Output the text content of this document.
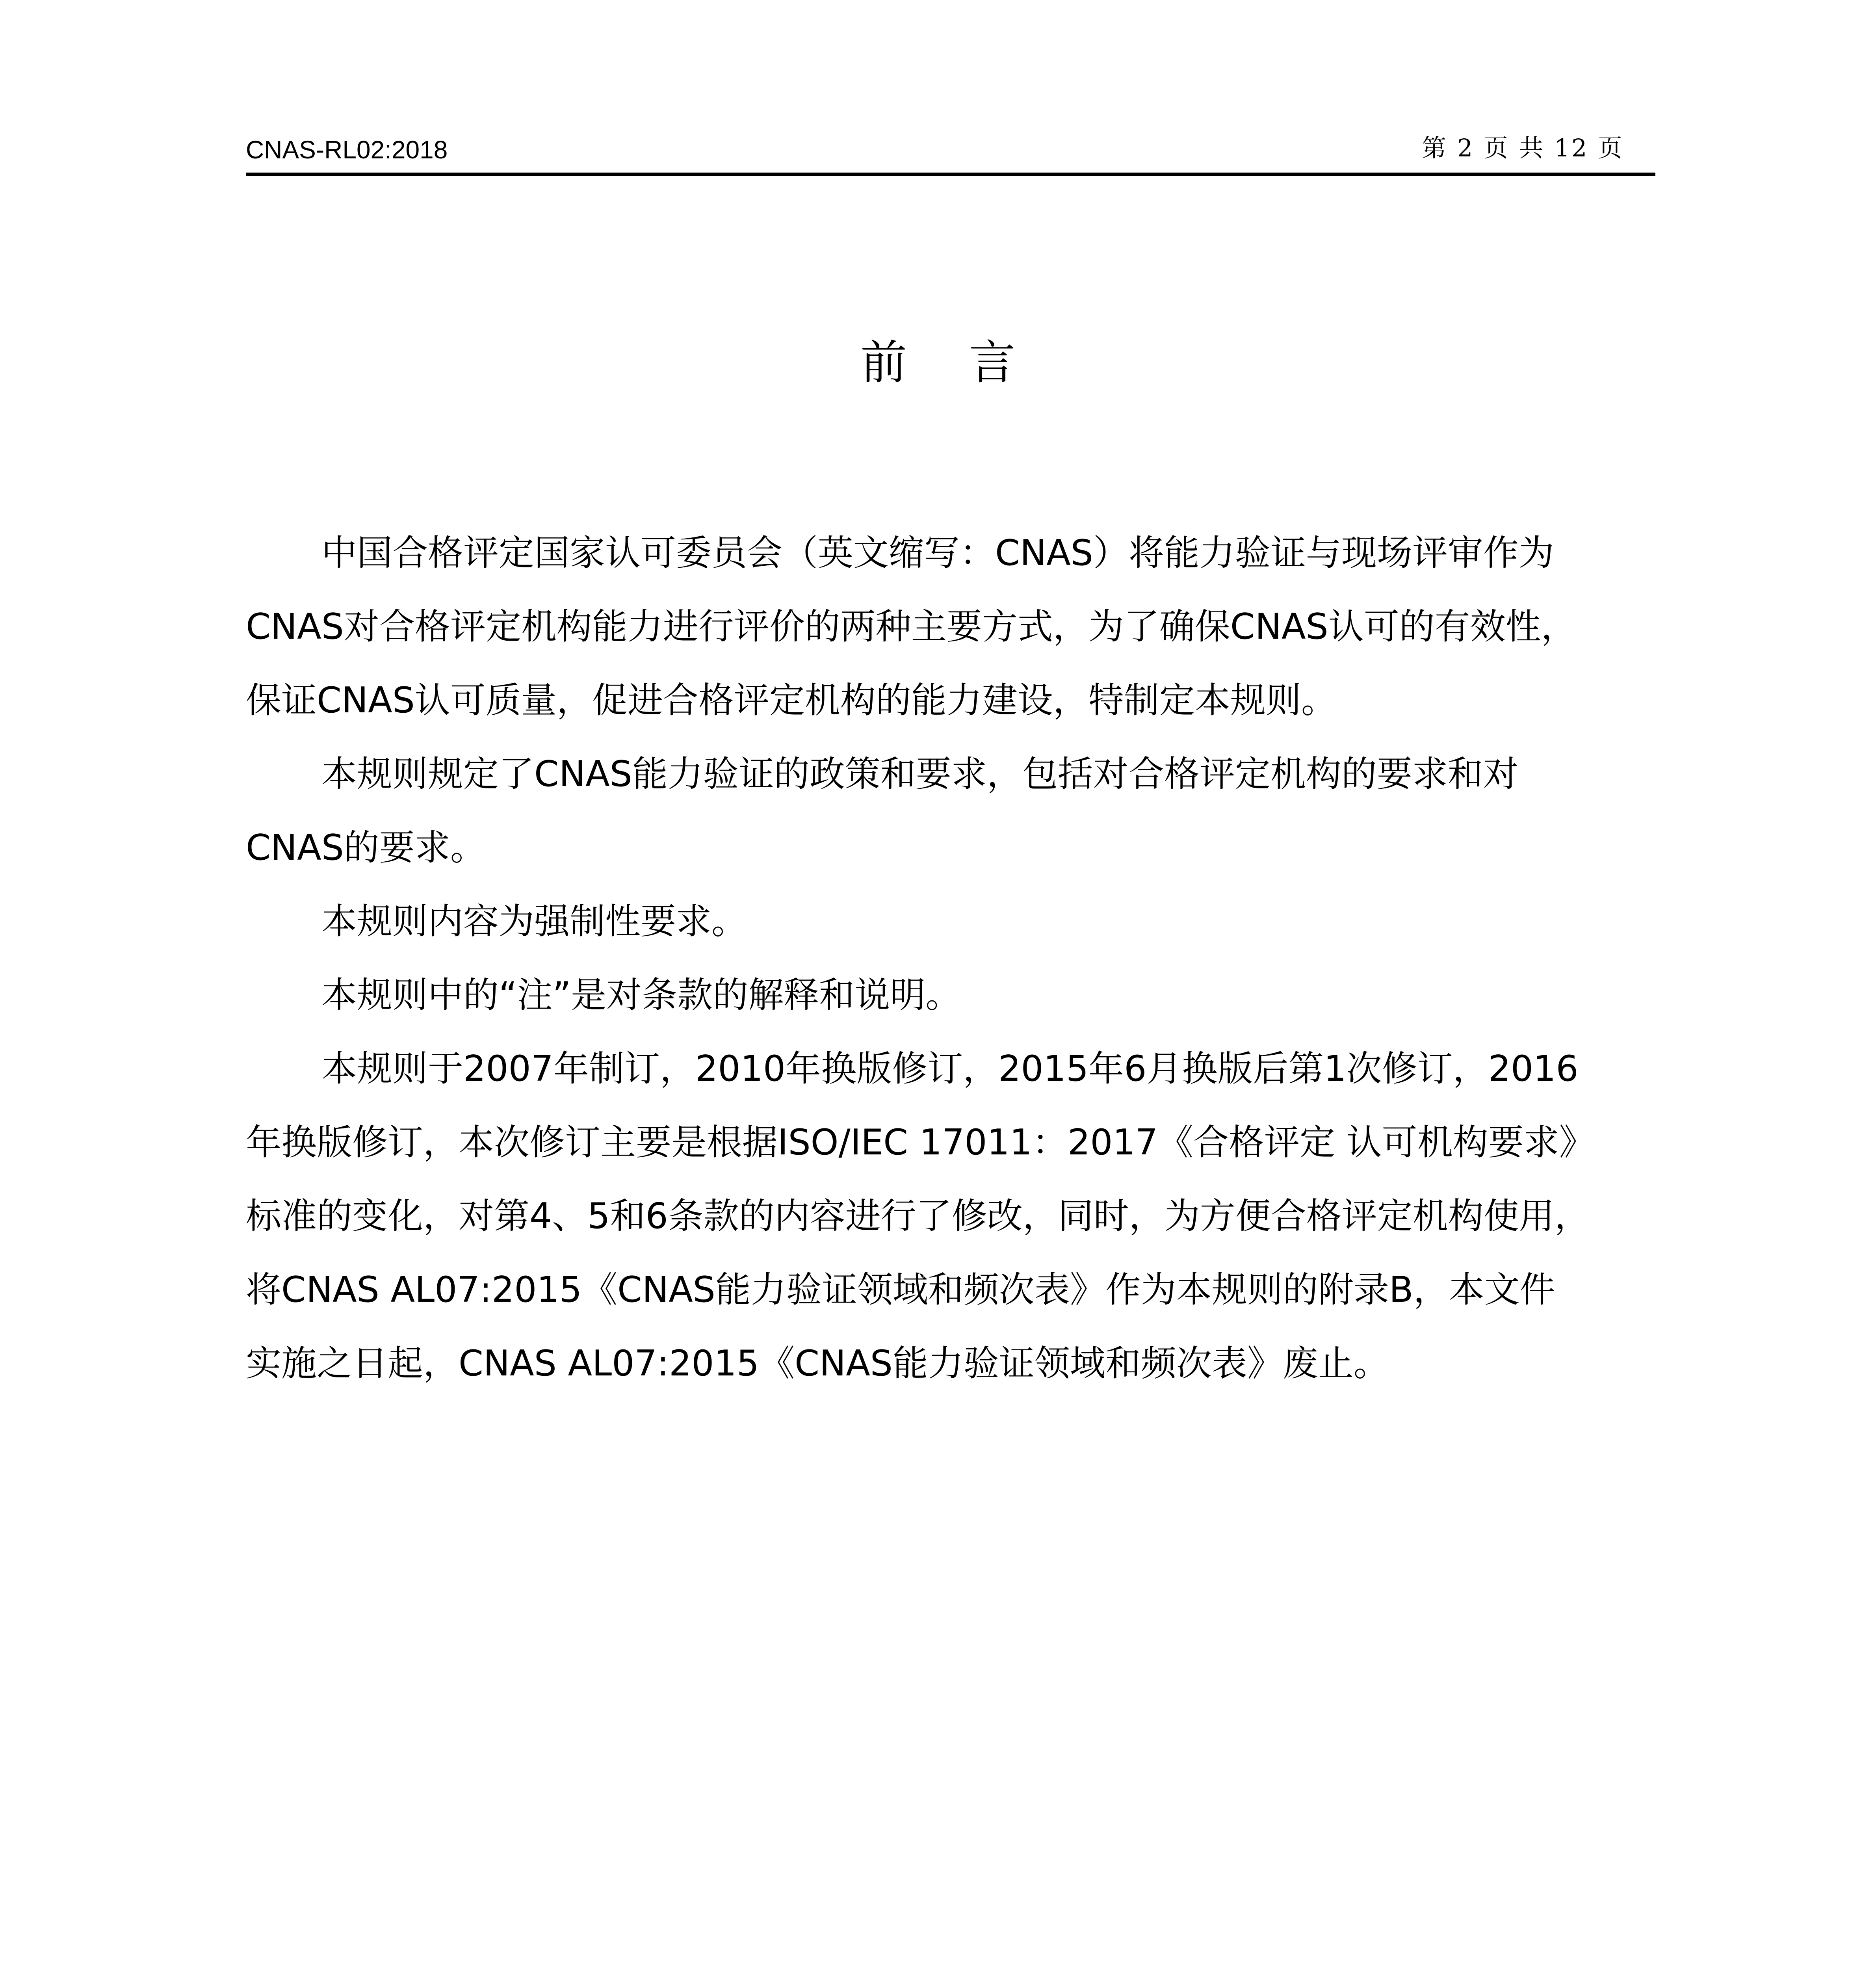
CNAS-RL02:2018	第 2 页 共 12 页
前 言
中国合格评定国家认可委员会（英文缩写：CNAS）将能力验证与现场评审作为
CNAS对合格评定机构能力进行评价的两种主要方式，为了确保CNAS认可的有效性，
保证CNAS认可质量，促进合格评定机构的能力建设，特制定本规则。
本规则规定了CNAS能力验证的政策和要求，包括对合格评定机构的要求和对
CNAS的要求。
本规则内容为强制性要求。
本规则中的“注”是对条款的解释和说明。
本规则于2007年制订，2010年换版修订，2015年6月换版后第1次修订，2016
年换版修订，本次修订主要是根据ISO/IEC 17011：2017《合格评定 认可机构要求》
标准的变化，对第4、5和6条款的内容进行了修改，同时，为方便合格评定机构使用，
将CNAS AL07:2015《CNAS能力验证领域和频次表》作为本规则的附录B，本文件
实施之日起，CNAS AL07:2015《CNAS能力验证领域和频次表》废止。
